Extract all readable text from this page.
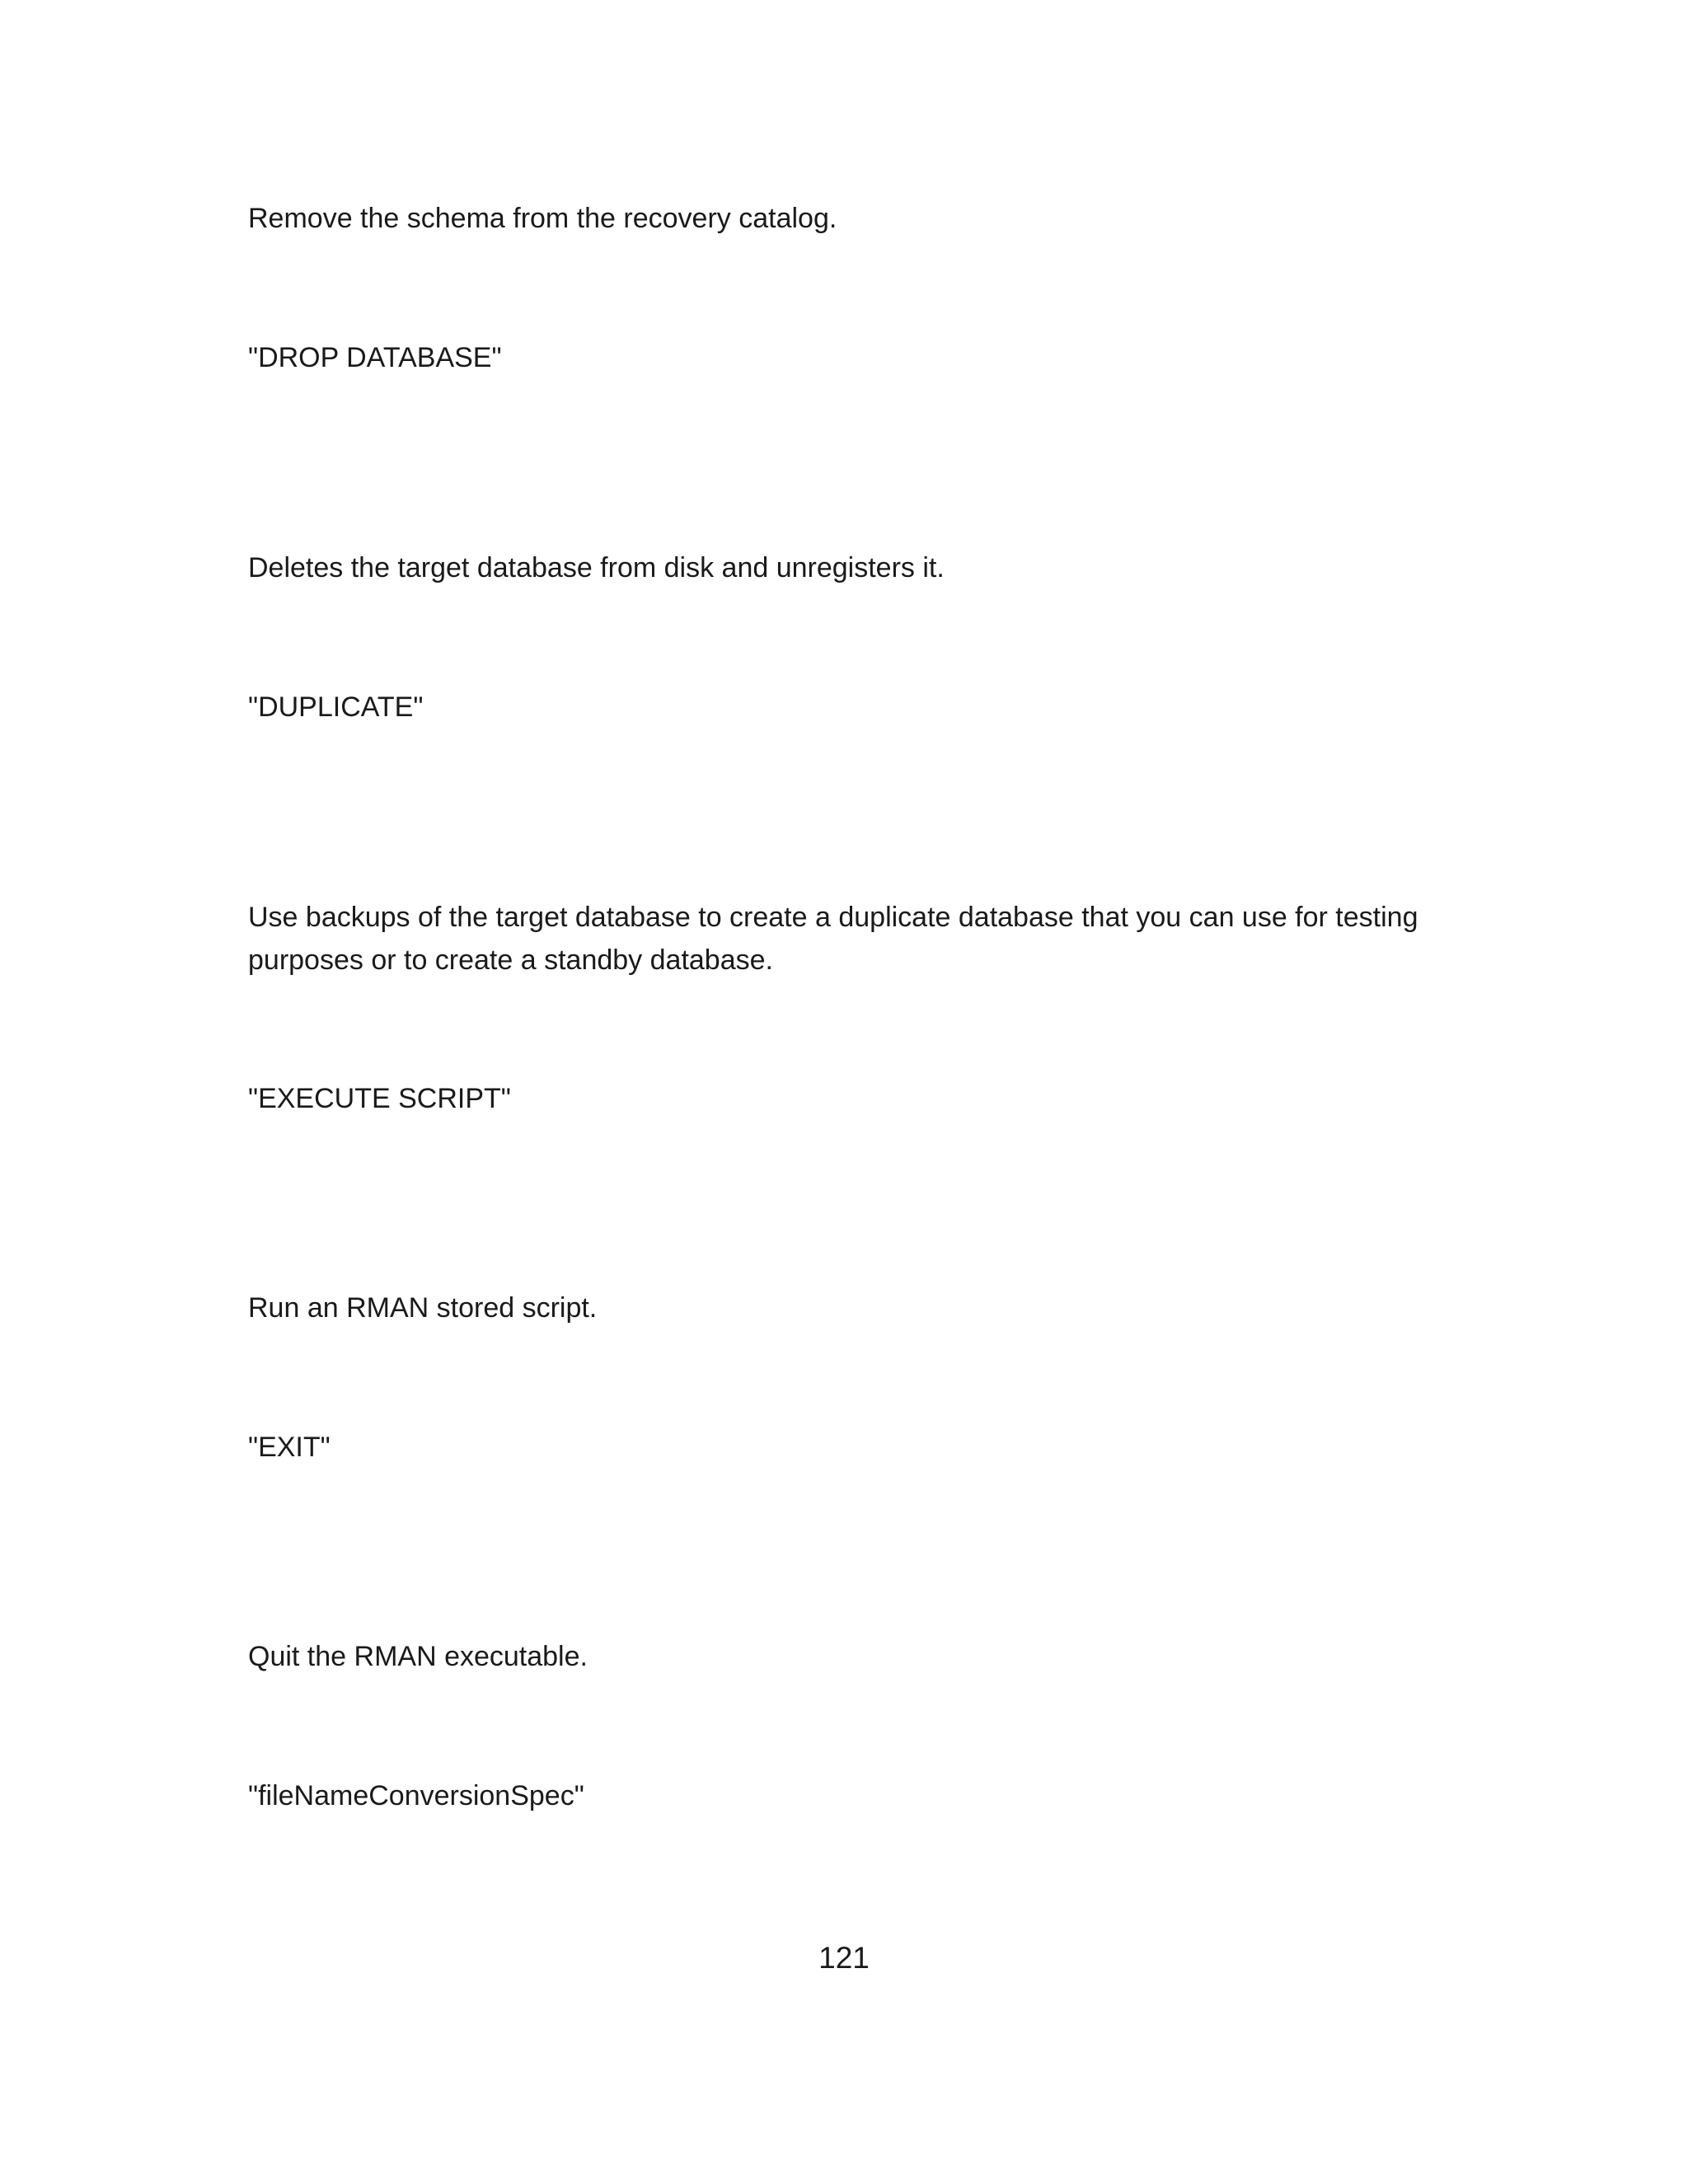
Remove the schema from the recovery catalog.
"DROP DATABASE"
Deletes the target database from disk and unregisters it.
"DUPLICATE"
Use backups of the target database to create a duplicate database that you can use for testing purposes or to create a standby database.
"EXECUTE SCRIPT"
Run an RMAN stored script.
"EXIT"
Quit the RMAN executable.
"fileNameConversionSpec"
121
